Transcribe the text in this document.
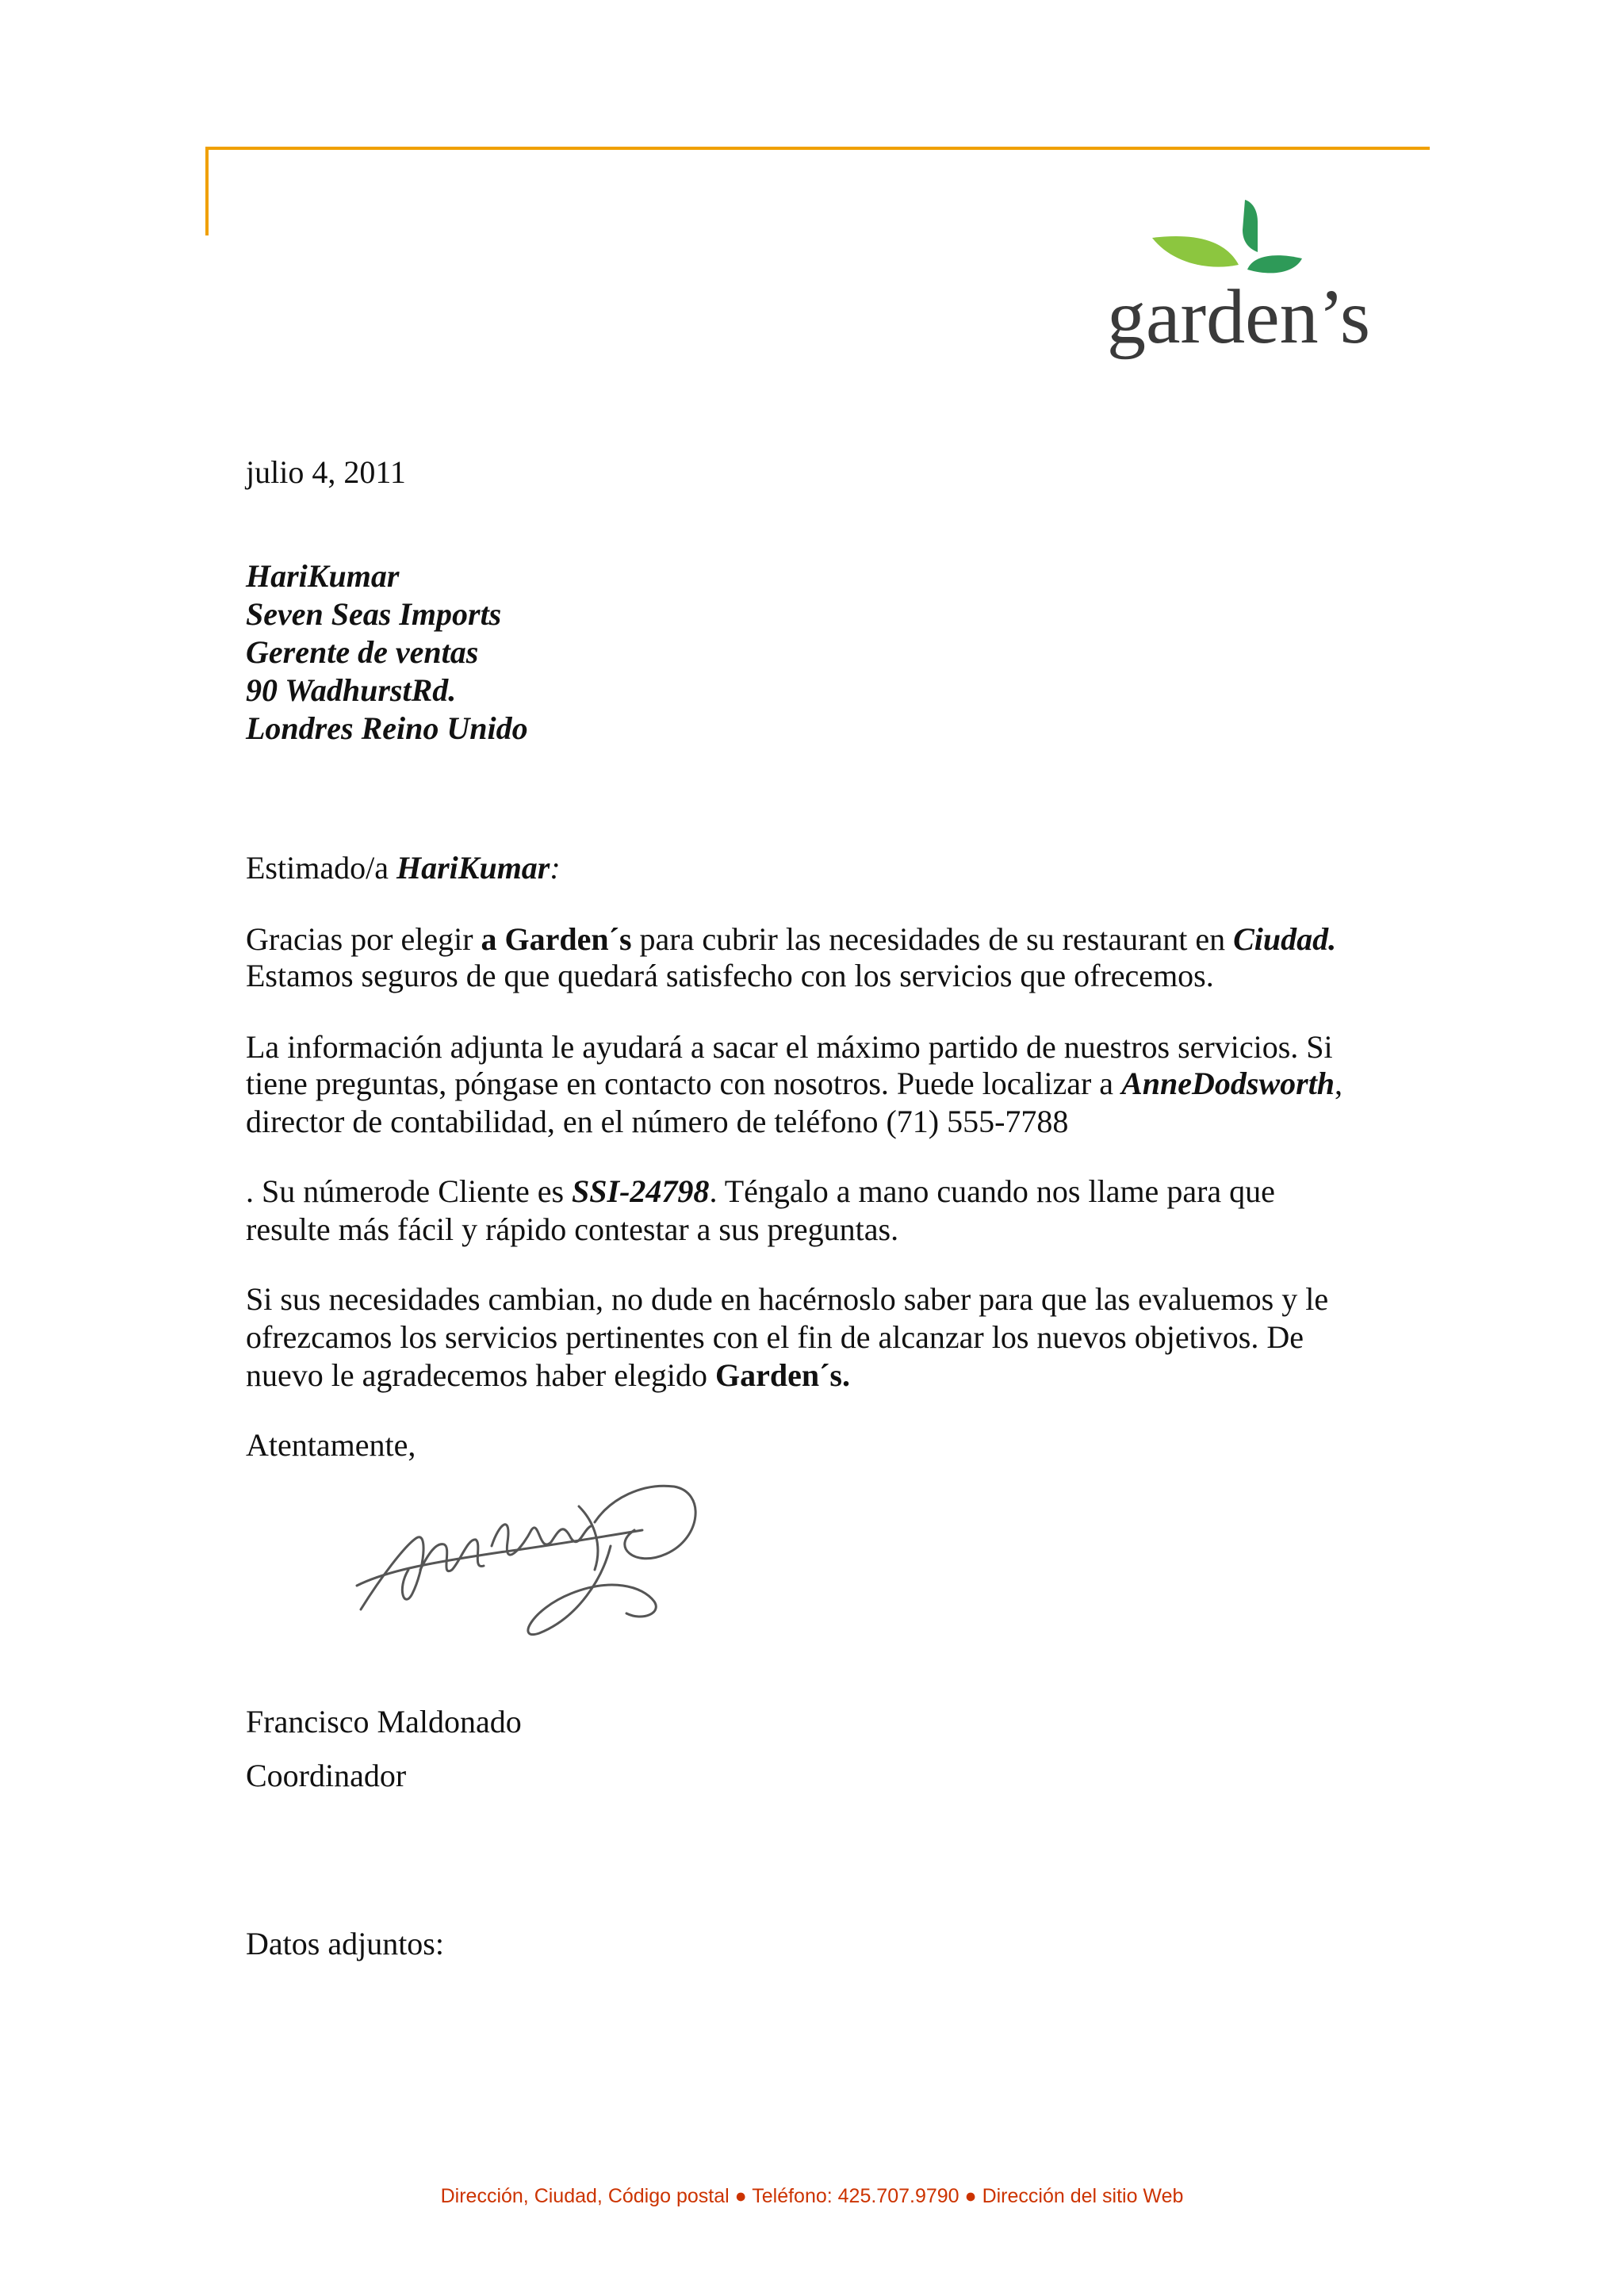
garden’s
julio 4, 2011
HariKumar
Seven Seas Imports
Gerente de ventas
90 WadhurstRd.
Londres Reino Unido
Estimado/a HariKumar:
Gracias por elegir a Garden´s para cubrir las necesidades de su restaurant en Ciudad.
Estamos seguros de que quedará satisfecho con los servicios que ofrecemos.
La información adjunta le ayudará a sacar el máximo partido de nuestros servicios. Si
tiene preguntas, póngase en contacto con nosotros. Puede localizar a AnneDodsworth,
director de contabilidad, en el número de teléfono (71) 555-7788
. Su númerode Cliente es SSI-24798. Téngalo a mano cuando nos llame para que
resulte más fácil y rápido contestar a sus preguntas.
Si sus necesidades cambian, no dude en hacérnoslo saber para que las evaluemos y le
ofrezcamos los servicios pertinentes con el fin de alcanzar los nuevos objetivos. De
nuevo le agradecemos haber elegido Garden´s.
Atentamente,
Francisco Maldonado
Coordinador
Datos adjuntos:
Dirección, Ciudad, Código postal ● Teléfono: 425.707.9790 ● Dirección del sitio Web
